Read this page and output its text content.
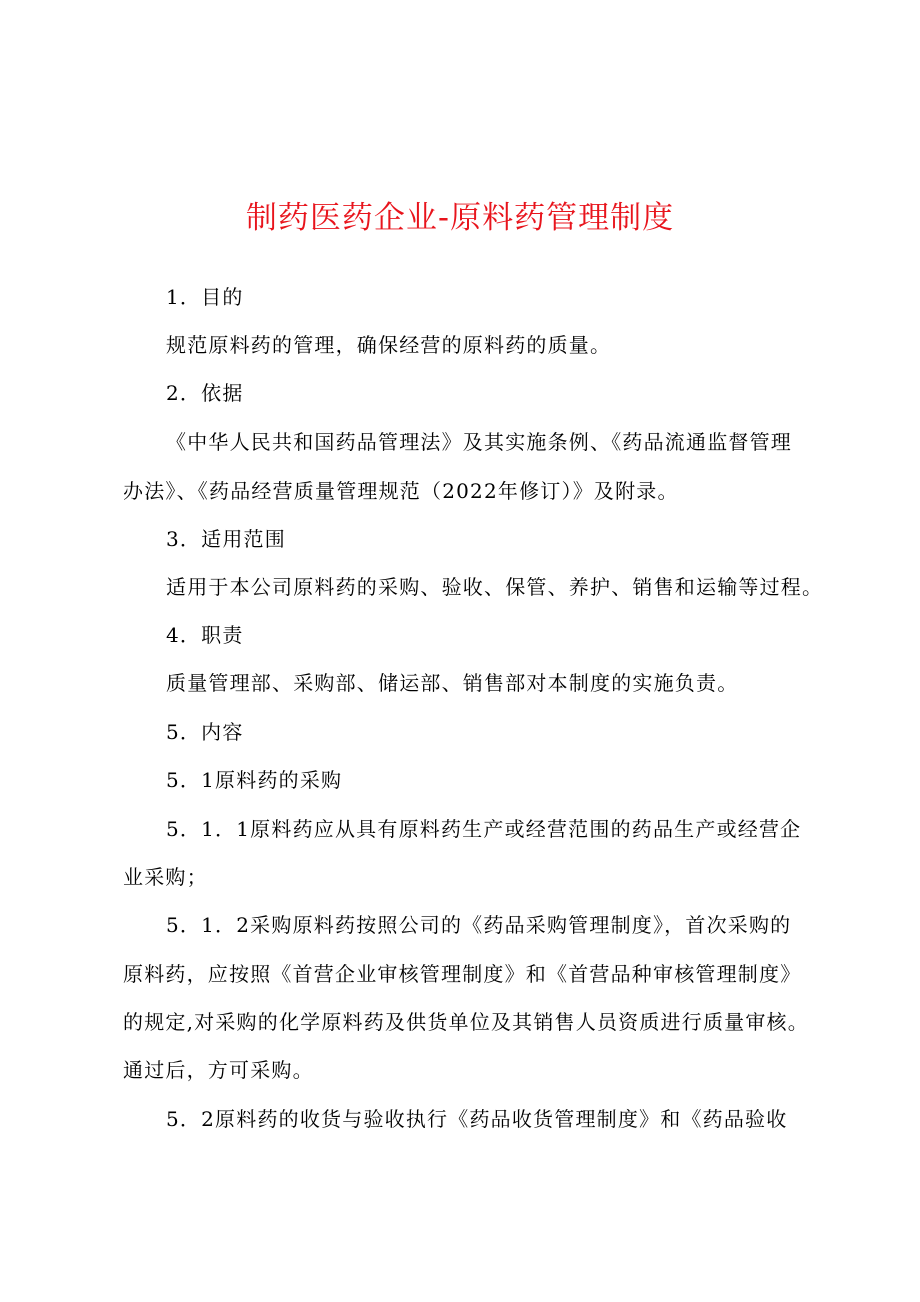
制药医药企业-原料药管理制度
1．目的
规范原料药的管理，确保经营的原料药的质量。
2．依据
《中华人民共和国药品管理法》及其实施条例、《药品流通监督管理
办法》、《药品经营质量管理规范（2022年修订）》及附录。
3．适用范围
适用于本公司原料药的采购、验收、保管、养护、销售和运输等过程。
4．职责
质量管理部、采购部、储运部、销售部对本制度的实施负责。
5．内容
5．1原料药的采购
5．1．1原料药应从具有原料药生产或经营范围的药品生产或经营企
业采购；
5．1．2采购原料药按照公司的《药品采购管理制度》，首次采购的
原料药，应按照《首营企业审核管理制度》和《首营品种审核管理制度》
的规定,对采购的化学原料药及供货单位及其销售人员资质进行质量审核。
通过后，方可采购。
5．2原料药的收货与验收执行《药品收货管理制度》和《药品验收
